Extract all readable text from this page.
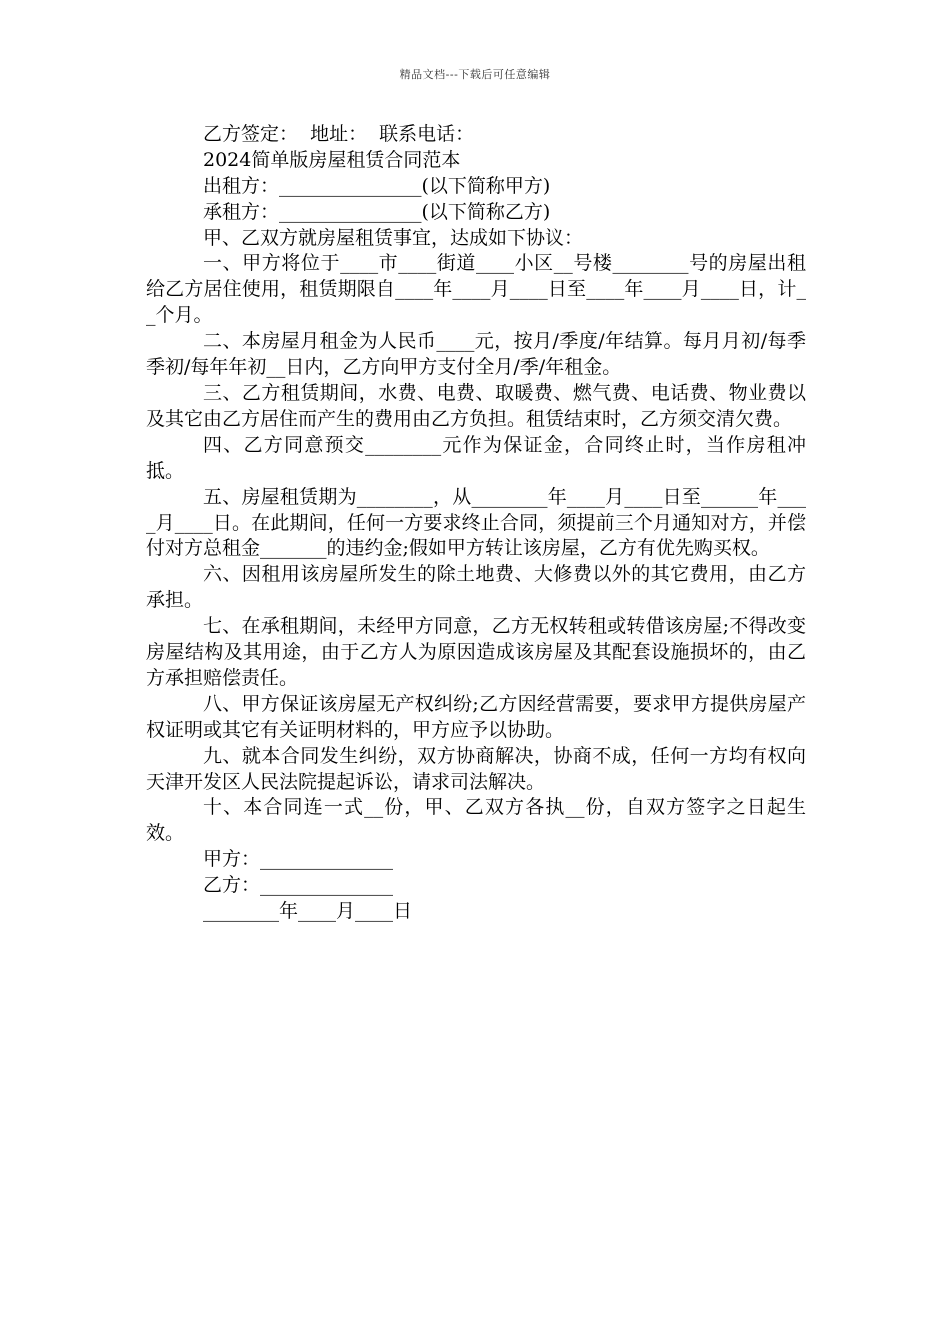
精品文档---下载后可任意编辑
乙方签定：  地址：  联系电话：
2024简单版房屋租赁合同范本
出租方：_______________(以下简称甲方)
承租方：_______________(以下简称乙方)
甲、乙双方就房屋租赁事宜，达成如下协议：
一、甲方将位于____市____街道____小区__号楼________号的房屋出租给乙方居住使用，租赁期限自____年____月____日至____年____月____日，计__个月。
二、本房屋月租金为人民币____元，按月/季度/年结算。每月月初/每季季初/每年年初__日内，乙方向甲方支付全月/季/年租金。
三、乙方租赁期间，水费、电费、取暖费、燃气费、电话费、物业费以及其它由乙方居住而产生的费用由乙方负担。租赁结束时，乙方须交清欠费。
四、乙方同意预交________元作为保证金，合同终止时，当作房租冲抵。
五、房屋租赁期为________，从________年____月____日至______年____月____日。在此期间，任何一方要求终止合同，须提前三个月通知对方，并偿付对方总租金_______的违约金;假如甲方转让该房屋，乙方有优先购买权。
六、因租用该房屋所发生的除土地费、大修费以外的其它费用，由乙方承担。
七、在承租期间，未经甲方同意，乙方无权转租或转借该房屋;不得改变房屋结构及其用途，由于乙方人为原因造成该房屋及其配套设施损坏的，由乙方承担赔偿责任。
八、甲方保证该房屋无产权纠纷;乙方因经营需要，要求甲方提供房屋产权证明或其它有关证明材料的，甲方应予以协助。
九、就本合同发生纠纷，双方协商解决，协商不成，任何一方均有权向天津开发区人民法院提起诉讼，请求司法解决。
十、本合同连一式__份，甲、乙双方各执__份，自双方签字之日起生效。
甲方：______________
乙方：______________
________年____月____日
